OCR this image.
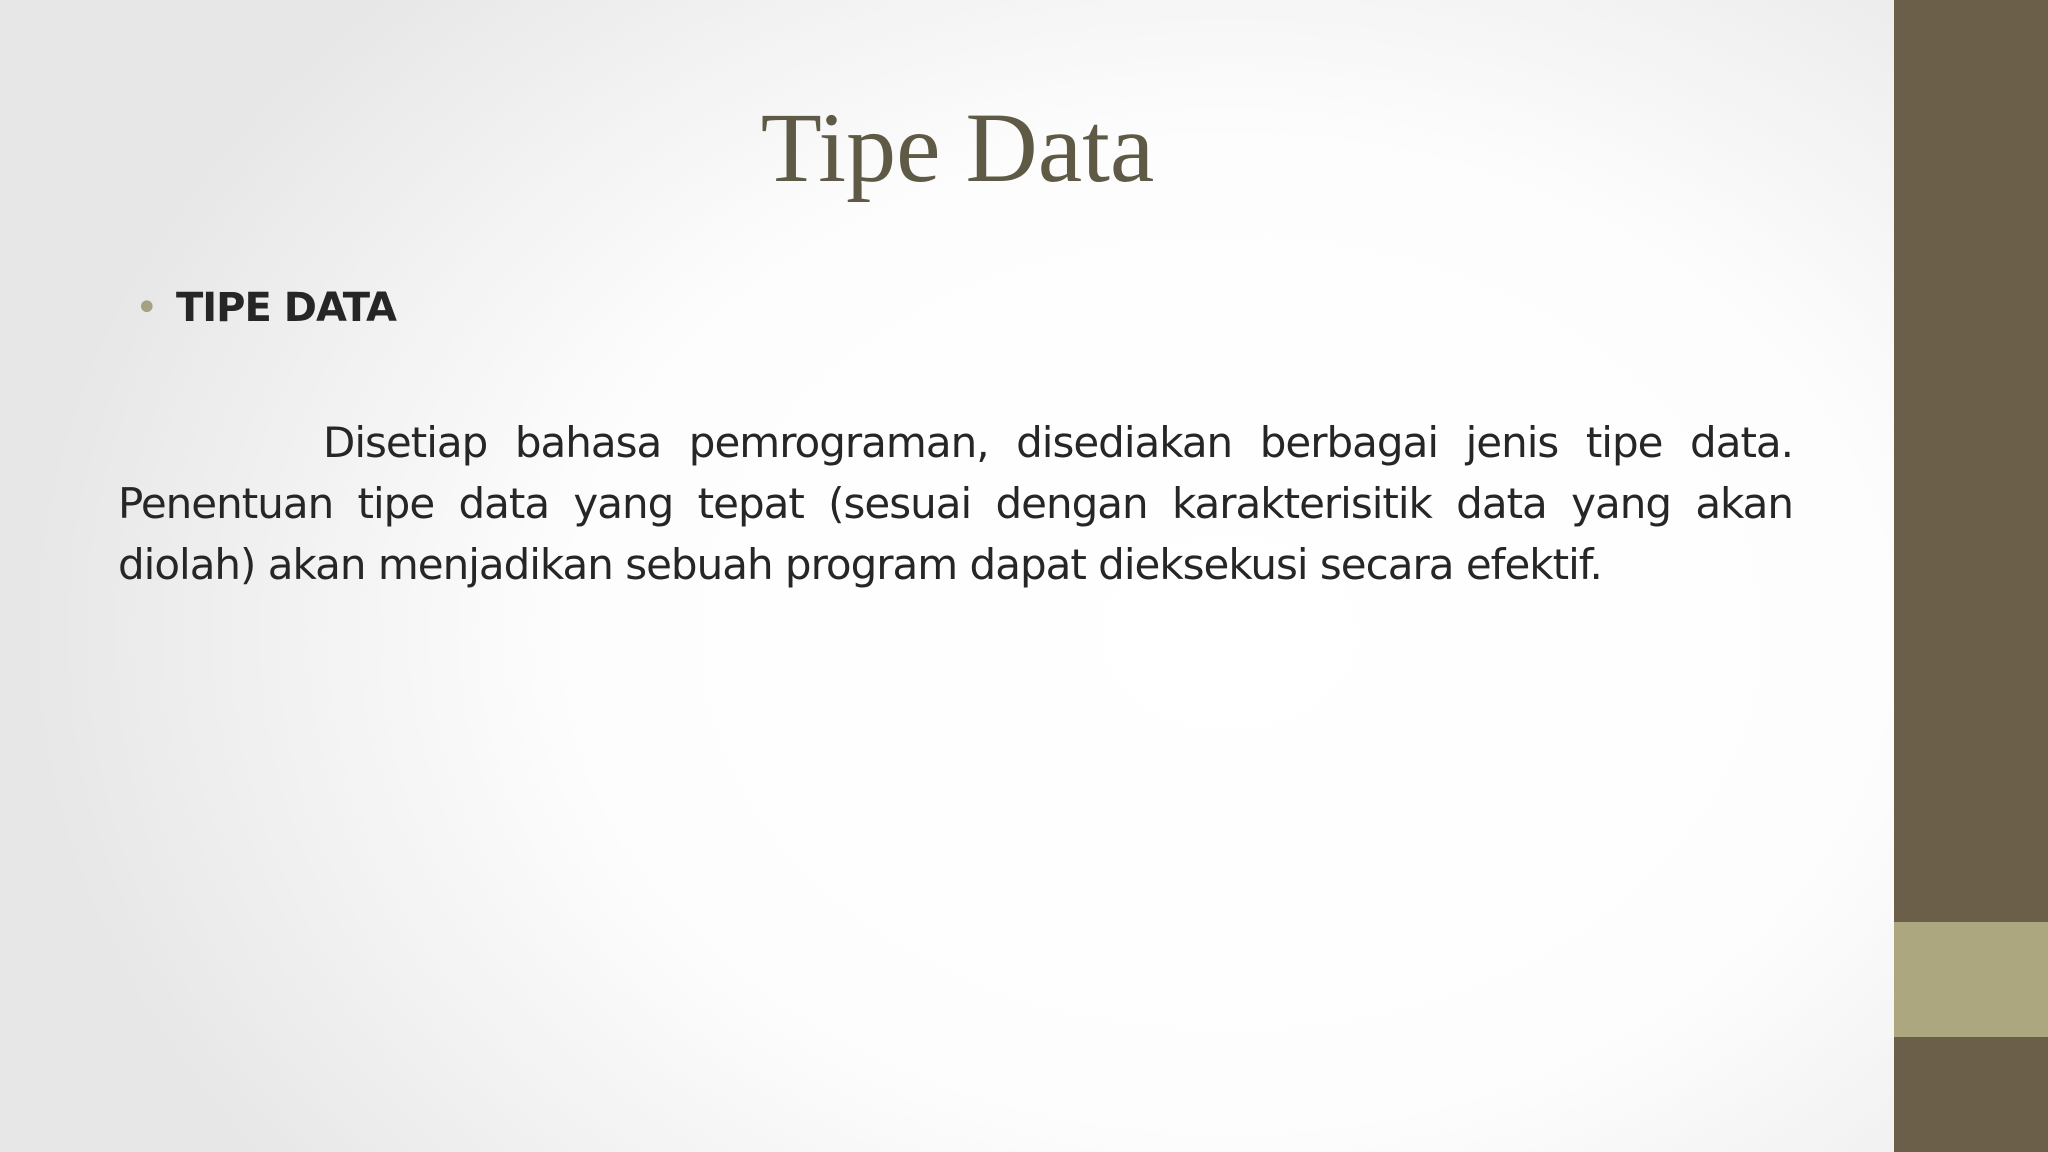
Tipe Data
• TIPE DATA

Disetiap bahasa pemrograman, disediakan berbagai jenis tipe data. Penentuan tipe data yang tepat (sesuai dengan karakterisitik data yang akan diolah) akan menjadikan sebuah program dapat dieksekusi secara efektif.
